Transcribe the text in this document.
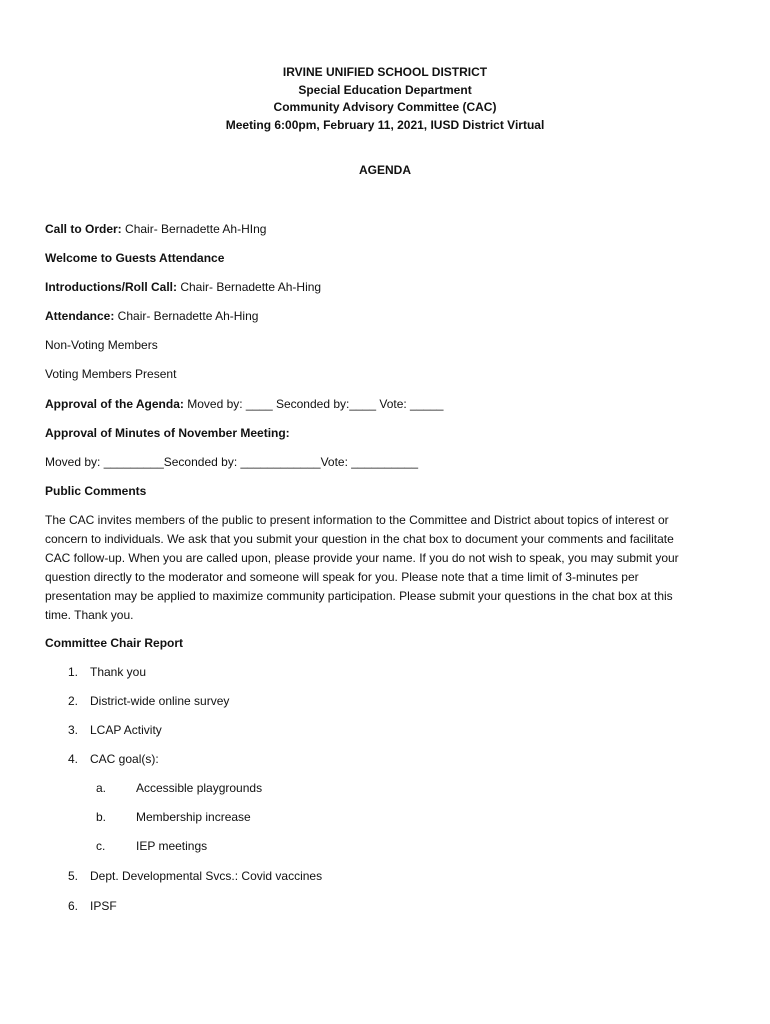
IRVINE UNIFIED SCHOOL DISTRICT
Special Education Department
Community Advisory Committee (CAC)
Meeting 6:00pm, February 11, 2021, IUSD District Virtual
AGENDA
Call to Order: Chair- Bernadette Ah-HIng
Welcome to Guests Attendance
Introductions/Roll Call: Chair- Bernadette Ah-Hing
Attendance: Chair- Bernadette Ah-Hing
Non-Voting Members
Voting Members Present
Approval of the Agenda: Moved by: ____ Seconded by:____ Vote: _____
Approval of Minutes of November Meeting:
Moved by: _________Seconded by: ____________Vote: __________
Public Comments
The CAC invites members of the public to present information to the Committee and District about topics of interest or
concern to individuals. We ask that you submit your question in the chat box to document your comments and facilitate
CAC follow-up. When you are called upon, please provide your name. If you do not wish to speak, you may submit your
question directly to the moderator and someone will speak for you. Please note that a time limit of 3-minutes per
presentation may be applied to maximize community participation. Please submit your questions in the chat box at this
time. Thank you.
Committee Chair Report
1. Thank you
2. District-wide online survey
3. LCAP Activity
4. CAC goal(s):
a. Accessible playgrounds
b. Membership increase
c.	IEP meetings
5. Dept. Developmental Svcs.: Covid vaccines
6. IPSF
